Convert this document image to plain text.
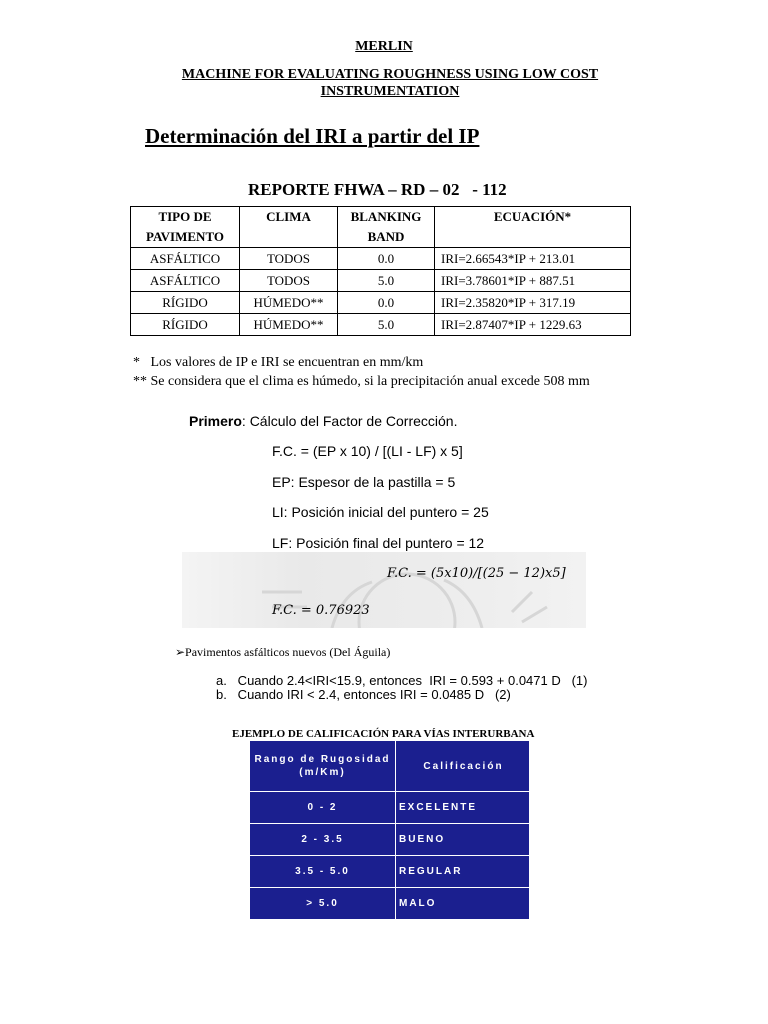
MERLIN
MACHINE FOR EVALUATING ROUGHNESS USING LOW COST INSTRUMENTATION
Determinación del IRI a partir del IP
REPORTE FHWA – RD – 02   - 112
TIPO DE PAVIMENTO	CLIMA	BLANKING BAND	ECUACIÓN*
ASFÁLTICO	TODOS	0.0	IRI=2.66543*IP + 213.01
ASFÁLTICO	TODOS	5.0	IRI=3.78601*IP + 887.51
RÍGIDO	HÚMEDO**	0.0	IRI=2.35820*IP + 317.19
RÍGIDO	HÚMEDO**	5.0	IRI=2.87407*IP + 1229.63
*   Los valores de IP e IRI se encuentran en mm/km
** Se considera que el clima es húmedo, si la precipitación anual excede 508 mm
Primero: Cálculo del Factor de Corrección.
F.C. = (EP x 10) / [(LI - LF) x 5]
EP: Espesor de la pastilla = 5
LI: Posición inicial del puntero = 25
LF: Posición final del puntero = 12
F.C. = (5x10)/[(25 − 12)x5]
F.C. = 0.76923
➢Pavimentos asfálticos nuevos (Del Águila)
a.   Cuando 2.4<IRI<15.9, entonces  IRI = 0.593 + 0.0471 D   (1)
b.   Cuando IRI < 2.4, entonces IRI = 0.0485 D   (2)
EJEMPLO DE CALIFICACIÓN PARA VÍAS INTERURBANA
Rango de Rugosidad (m/Km)	Calificación
0 - 2	EXCELENTE
2 - 3.5	BUENO
3.5 - 5.0	REGULAR
> 5.0	MALO
